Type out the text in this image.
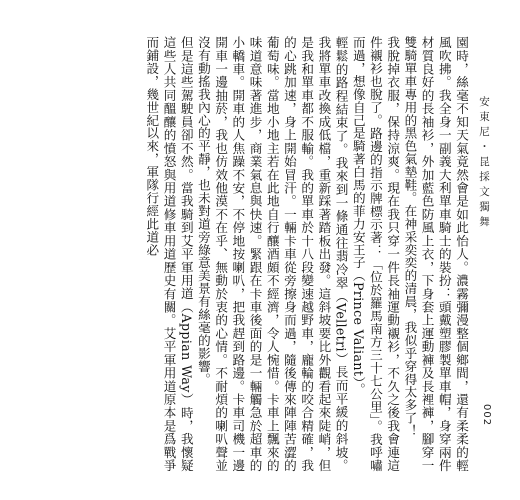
安東尼・昆採文獨舞
002

園時，絲毫不知天氣竟然會是如此怡人。濃霧彌漫整個鄉間，還有柔柔的輕風吹拂。我全身一副義大利單車騎士的裝扮：頭戴塑膠製單車帽，身穿兩件材質良好的長袖衫，外加藍色防風上衣，下身套上運動褲及長裡褲，腳穿一雙騎單車專用的黑色氣墊鞋。在神采奕奕的清晨，我似乎穿得太多了！

我脫掉衣服，保持涼爽。現在我只穿一件長袖運動襯衫，不久之後我會連這件襯衫也脫了。路邊的指示牌標示著：「位於羅馬南方三十七公里」。我呼嘯而過，想像自己是騎著白馬的菲力安王子（Prince Valiant）。

輕鬆的路程結束了。我來到一條通往翡冷翠（Velletri）長而平緩的斜坡。我將單車改換成低檔，重新踩著踏板出發。這斜坡要比外觀看起來陡峭，但是我和單車都不服輸。我的單車於十八段變速越野車，龐輪的咬合精確，我的心跳加速，身上開始冒汗。一輛卡車從旁擦身而過，隨後傳來陣陣苦澀的葡萄味。當地小地主若在此地自行釀酒頗不經濟，令人惋惜。卡車上飄來的味道意味著進步，商業氣息與快速。緊跟在卡車後面的是一輛觸急於超車的小轎車。開車的人焦躁不安，不停地按喇叭，把我趕到路邊。卡車司機一邊開車一邊抽菸，我也仿效他漠不在乎、無動於衷的心情。不耐煩的喇叭聲並沒有動搖我內心的平靜，也未對道旁綠意美景有絲毫的影響。

但是這些駕駛員卻不然。當我騎到艾平軍用道（Appian Way）時，我懷疑這些人共同醞釀的憤怒與用道修車用道歷史有關。艾平軍用道原本是爲戰爭而鋪設，幾世紀以來，軍隊行經此道必
